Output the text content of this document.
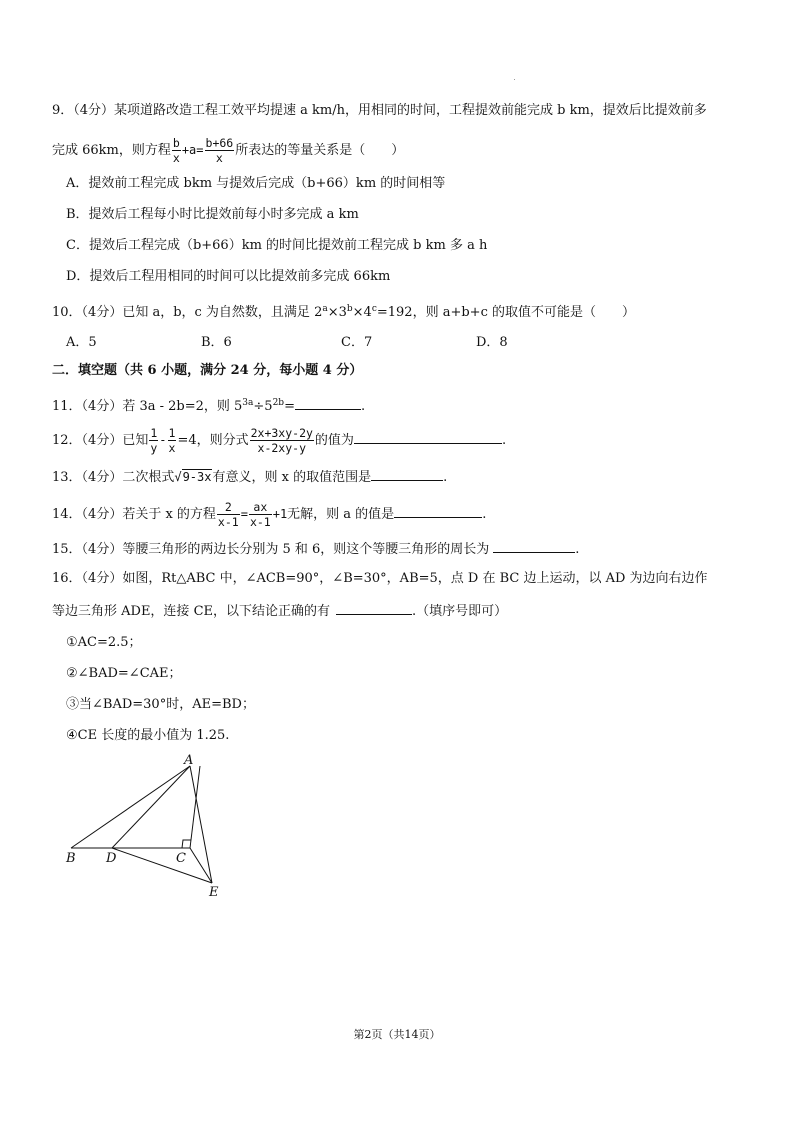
9．（4分）某项道路改造工程工效平均提速 a km/h，用相同的时间，工程提效前能完成 b km，提效后比提效前多
完成 66km，则方程 $\frac{b}{x} +a= \frac{b+66}{x}$ 所表达的等量关系是（　　）
A．提效前工程完成 bkm 与提效后完成（b+66）km 的时间相等
B．提效后工程每小时比提效前每小时多完成 a km
C．提效后工程完成（b+66）km 的时间比提效前工程完成 b km 多 a h
D．提效后工程用相同的时间可以比提效前多完成 66km
10．（4分）已知 a，b，c 为自然数，且满足 $2^a\times 3^b\times 4^c=192$，则 a+b+c 的取值不可能是（　　）
A．5	B．6	C．7	D．8
二．填空题（共 6 小题，满分 24 分，每小题 4 分）
11．（4分）若 3a - 2b=2，则 $5^{3a}\div 5^{2b}=$	.
12．（4分）已知 $\frac{1}{y} - \frac{1}{x} =4$，则分式 $\frac{2x+3xy-2y}{x-2xy-y}$ 的值为	.
13．（4分）二次根式√9-3x有意义，则 x 的取值范围是	.
14．（4分）若关于 x 的方程 $\frac{2}{x-1} = \frac{ax}{x-1} +1$无解，则 a 的值是	.
15．（4分）等腰三角形的两边长分别为 5 和 6，则这个等腰三角形的周长为	.
16．（4分）如图，Rt△ABC 中，∠ACB=90°，∠B=30°，AB=5，点 D 在 BC 边上运动，以 AD 为边向右边作
等边三角形 ADE，连接 CE，以下结论正确的有	.（填序号即可）
①AC=2.5；
②∠BAD=∠CAE；
③当∠BAD=30°时，AE=BD；
④CE 长度的最小值为 1.25.
A
B D	C
E
第2页（共14页）
